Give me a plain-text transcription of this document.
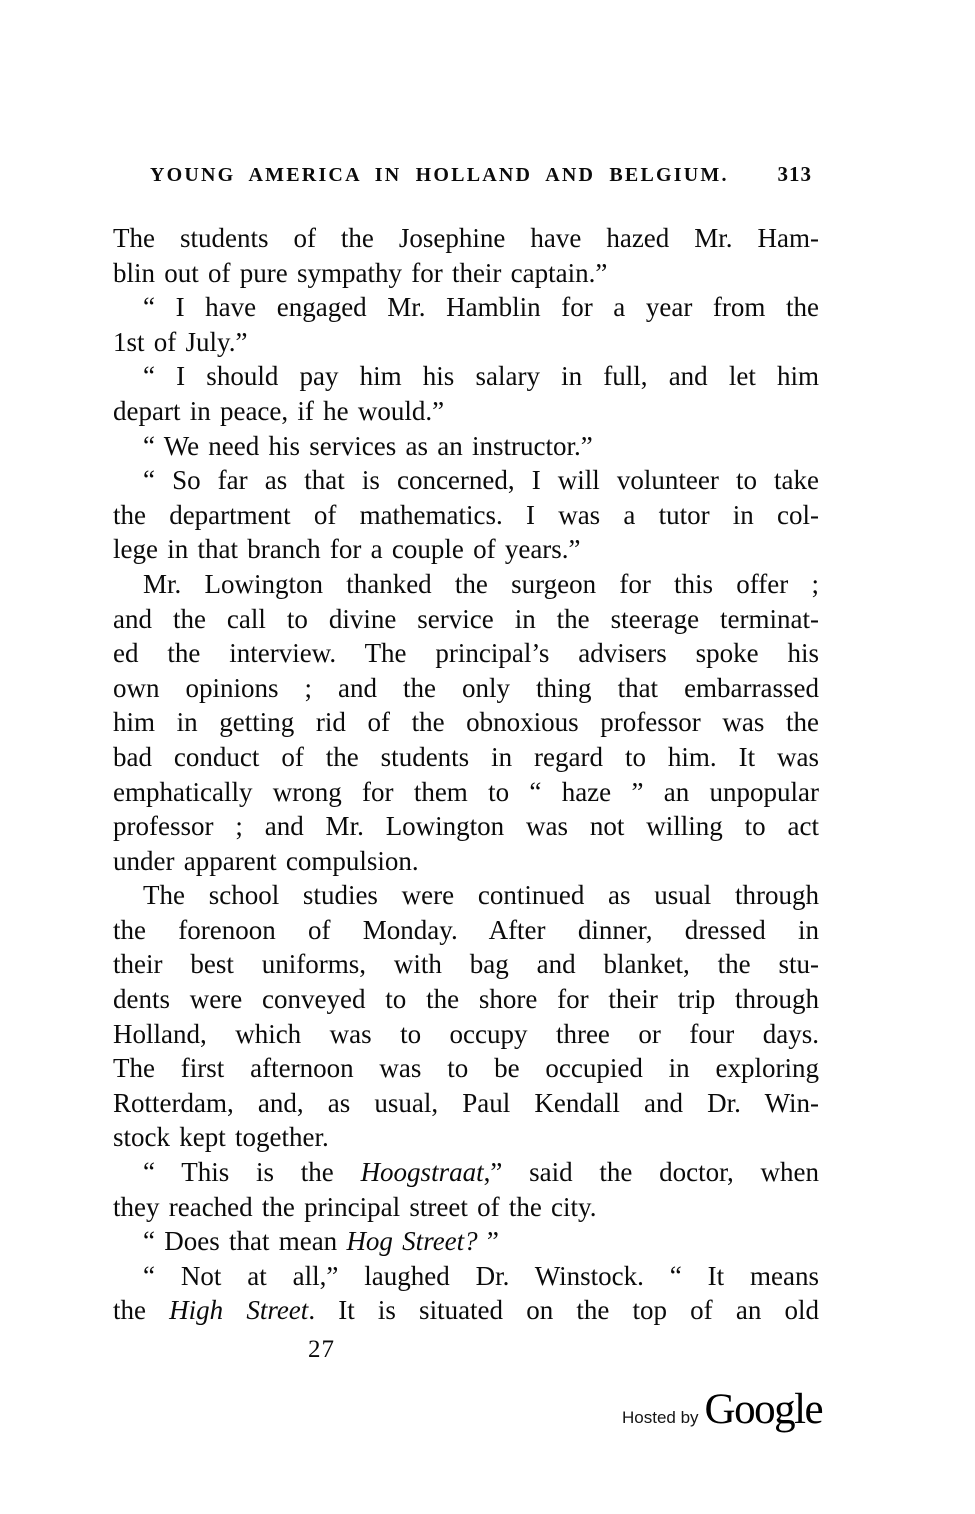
YOUNG AMERICA IN HOLLAND AND BELGIUM. 313
The students of the Josephine have hazed Mr. Ham-
blin out of pure sympathy for their captain.”
“ I have engaged Mr. Hamblin for a year from the
1st of July.”
“ I should pay him his salary in full, and let him
depart in peace, if he would.”
“ We need his services as an instructor.”
“ So far as that is concerned, I will volunteer to take
the department of mathematics. I was a tutor in col-
lege in that branch for a couple of years.”
Mr. Lowington thanked the surgeon for this offer ;
and the call to divine service in the steerage terminat-
ed the interview. The principal’s advisers spoke his
own opinions ; and the only thing that embarrassed
him in getting rid of the obnoxious professor was the
bad conduct of the students in regard to him. It was
emphatically wrong for them to “ haze ” an unpopular
professor ; and Mr. Lowington was not willing to act
under apparent compulsion.
The school studies were continued as usual through
the forenoon of Monday. After dinner, dressed in
their best uniforms, with bag and blanket, the stu-
dents were conveyed to the shore for their trip through
Holland, which was to occupy three or four days.
The first afternoon was to be occupied in exploring
Rotterdam, and, as usual, Paul Kendall and Dr. Win-
stock kept together.
“ This is the Hoogstraat,” said the doctor, when
they reached the principal street of the city.
“ Does that mean Hog Street? ”
“ Not at all,” laughed Dr. Winstock. “ It means
the High Street. It is situated on the top of an old
27
Hosted by Google
